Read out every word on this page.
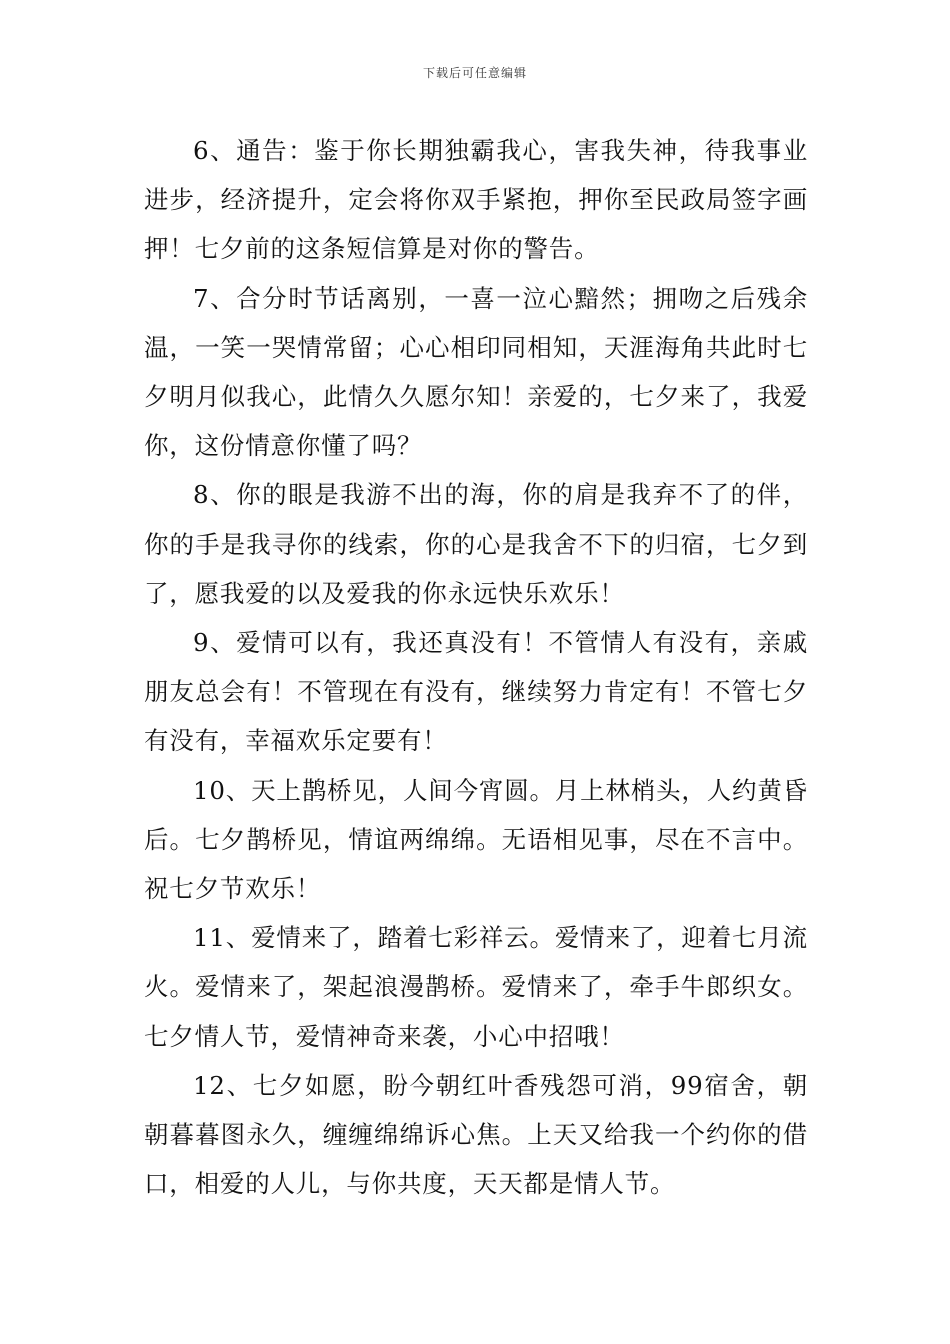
下载后可任意编辑

6、通告：鉴于你长期独霸我心，害我失神，待我事业进步，经济提升，定会将你双手紧抱，押你至民政局签字画押！七夕前的这条短信算是对你的警告。

7、合分时节话离别，一喜一泣心黯然；拥吻之后残余温，一笑一哭情常留；心心相印同相知，天涯海角共此时七夕明月似我心，此情久久愿尔知！亲爱的，七夕来了，我爱你，这份情意你懂了吗？

8、你的眼是我游不出的海，你的肩是我弃不了的伴，你的手是我寻你的线索，你的心是我舍不下的归宿，七夕到了，愿我爱的以及爱我的你永远快乐欢乐！

9、爱情可以有，我还真没有！不管情人有没有，亲戚朋友总会有！不管现在有没有，继续努力肯定有！不管七夕有没有，幸福欢乐定要有！

10、天上鹊桥见，人间今宵圆。月上林梢头，人约黄昏后。七夕鹊桥见，情谊两绵绵。无语相见事，尽在不言中。祝七夕节欢乐！

11、爱情来了，踏着七彩祥云。爱情来了，迎着七月流火。爱情来了，架起浪漫鹊桥。爱情来了，牵手牛郎织女。七夕情人节，爱情神奇来袭，小心中招哦！

12、七夕如愿，盼今朝红叶香残怨可消，99宿舍，朝朝暮暮图永久，缠缠绵绵诉心焦。上天又给我一个约你的借口，相爱的人儿，与你共度，天天都是情人节。
